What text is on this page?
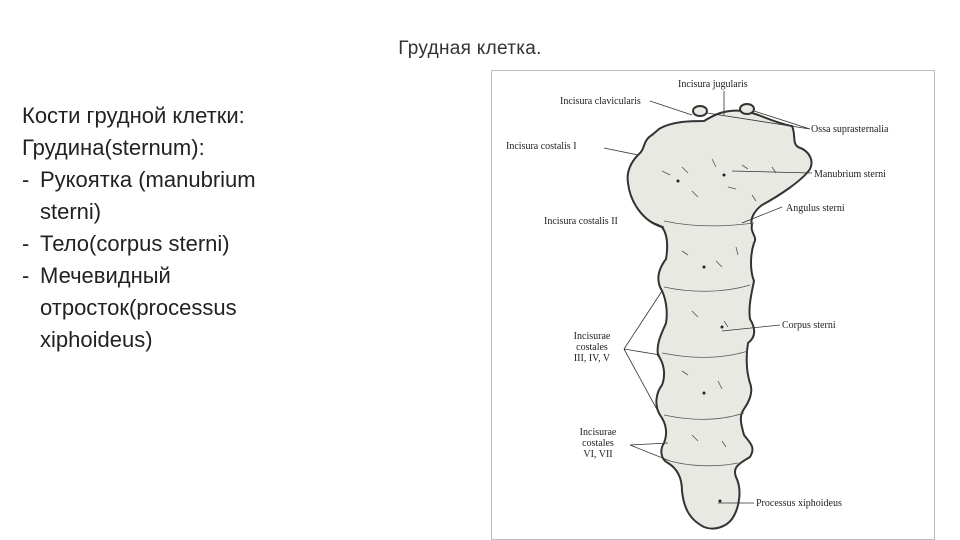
Грудная клетка.
Кости грудной клетки:
Грудина(sternum):
- Рукоятка (manubrium
sterni)
- Тело(corpus sterni)
- Мечевидный
отросток(processus
xiphoideus)
Incisura jugularis
Incisura clavicularis
Ossa suprasternalia
Incisura costalis I
Manubrium sterni
Angulus sterni
Incisura costalis II
Incisurae
costales
III, IV, V
Corpus sterni
Incisurae
costales
VI, VII
Processus xiphoideus
